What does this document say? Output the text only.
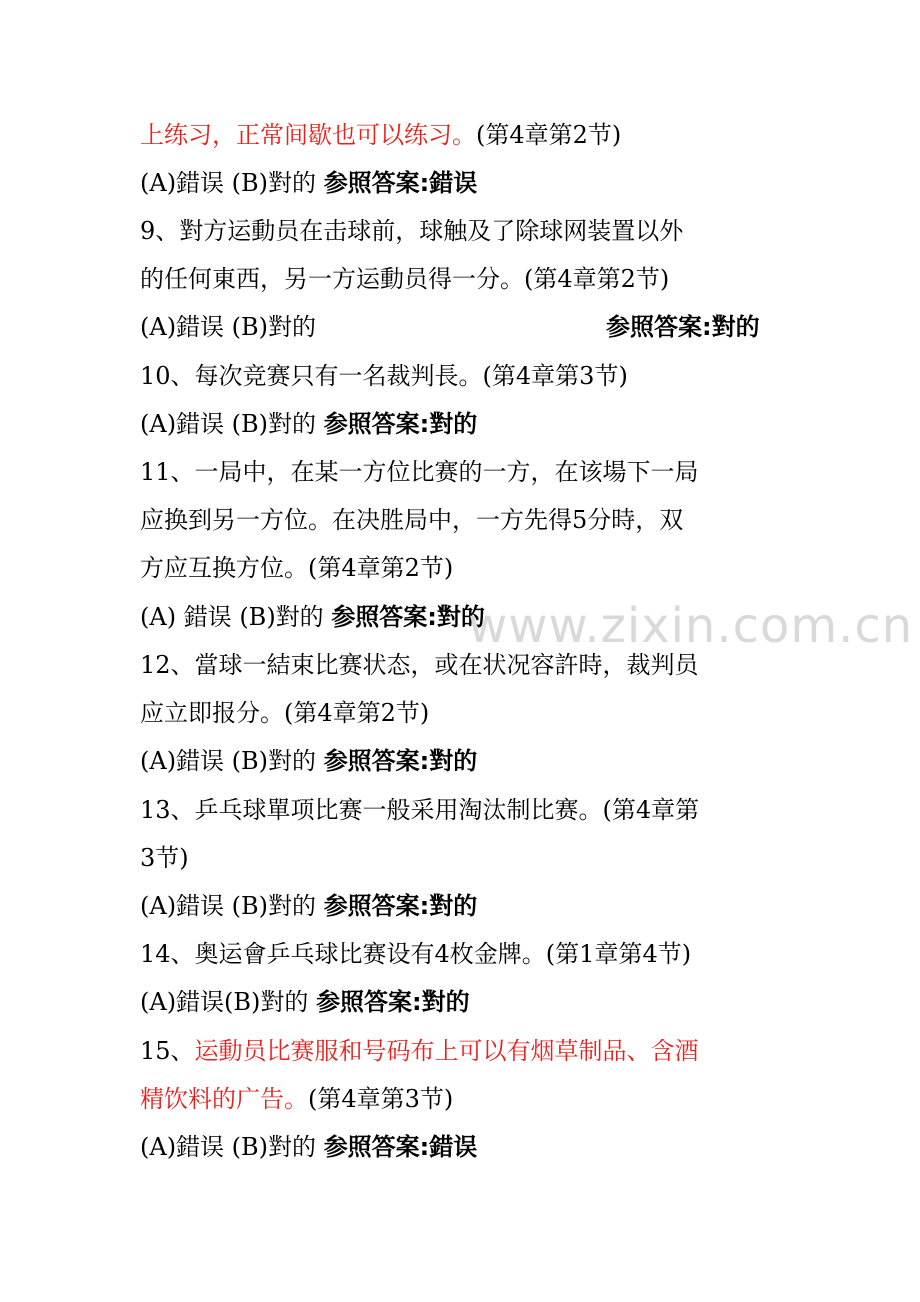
上练习，正常间歇也可以练习。(第4章第2节)
(A)錯误 (B)對的 参照答案:錯误
9、對方运動员在击球前，球触及了除球网装置以外
的任何東西，另一方运動员得一分。(第4章第2节)
(A)錯误 (B)對的	参照答案:對的
10、每次竞赛只有一名裁判長。(第4章第3节)
(A)錯误 (B)對的 参照答案:對的
11、一局中，在某一方位比赛的一方，在该場下一局
应换到另一方位。在决胜局中，一方先得5分時，双
方应互换方位。(第4章第2节)
(A) 錯误 (B)對的 参照答案:對的
12、當球一結束比赛状态，或在状况容許時，裁判员
应立即报分。(第4章第2节)
(A)錯误 (B)對的 参照答案:對的
13、乒乓球單项比赛一般采用淘汰制比赛。(第4章第
3节)
(A)錯误 (B)對的 参照答案:對的
14、奥运會乒乓球比赛设有4枚金牌。(第1章第4节)
(A)錯误(B)對的 参照答案:對的
15、运動员比赛服和号码布上可以有烟草制品、含酒
精饮料的广告。(第4章第3节)
(A)錯误 (B)對的 参照答案:錯误
www.zixin.com.cn
